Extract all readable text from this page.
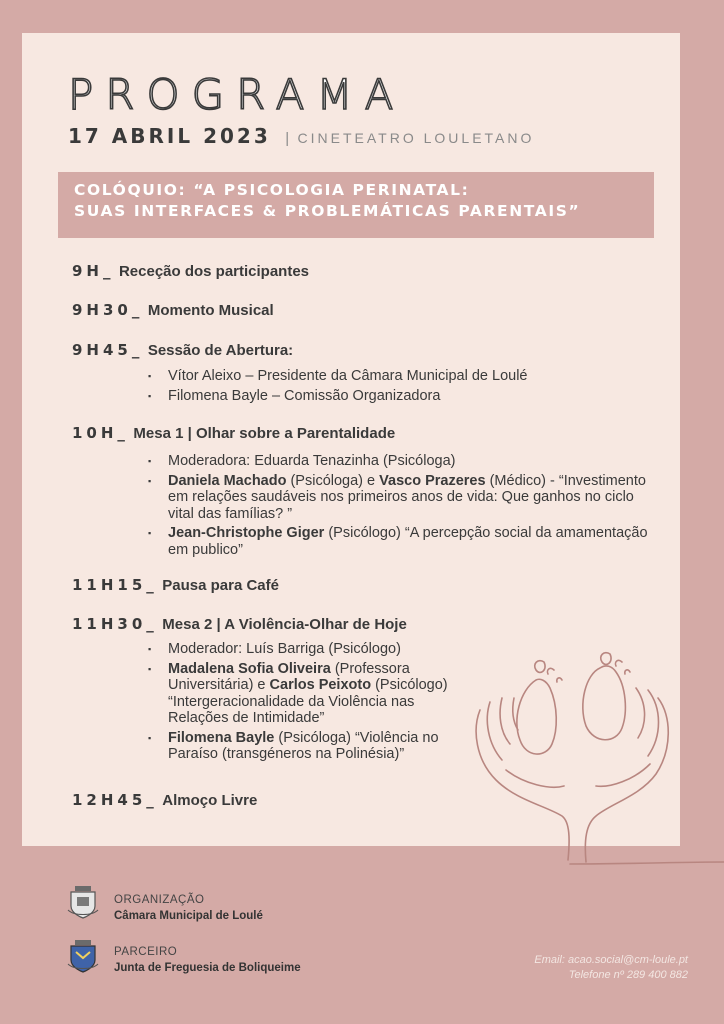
PROGRAMA
17 ABRIL 2023 | CINETEATRO LOULETANO
COLÓQUIO: “A PSICOLOGIA PERINATAL:
SUAS INTERFACES & PROBLEMÁTICAS PARENTAIS”
9H_ Receção dos participantes
9H30_ Momento Musical
9H45_ Sessão de Abertura:
▪ Vítor Aleixo – Presidente da Câmara Municipal de Loulé
▪ Filomena Bayle – Comissão Organizadora
10H_ Mesa 1 | Olhar sobre a Parentalidade
▪ Moderadora: Eduarda Tenazinha (Psicóloga)
▪ Daniela Machado (Psicóloga) e Vasco Prazeres (Médico) - “Investimento em relações saudáveis nos primeiros anos de vida: Que ganhos no ciclo vital das famílias? ”
▪ Jean-Christophe Giger (Psicólogo) “A percepção social da amamentação em publico”
11H15_ Pausa para Café
11H30_ Mesa 2 | A Violência-Olhar de Hoje
▪ Moderador: Luís Barriga (Psicólogo)
▪ Madalena Sofia Oliveira (Professora Universitária) e Carlos Peixoto (Psicólogo) “Intergeracionalidade da Violência nas Relações de Intimidade”
▪ Filomena Bayle (Psicóloga) “Violência no Paraíso (transgéneros na Polinésia)”
12H45_ Almoço Livre
ORGANIZAÇÃO
Câmara Municipal de Loulé
PARCEIRO
Junta de Freguesia de Boliqueime
Email: acao.social@cm-loule.pt
Telefone nº 289 400 882
